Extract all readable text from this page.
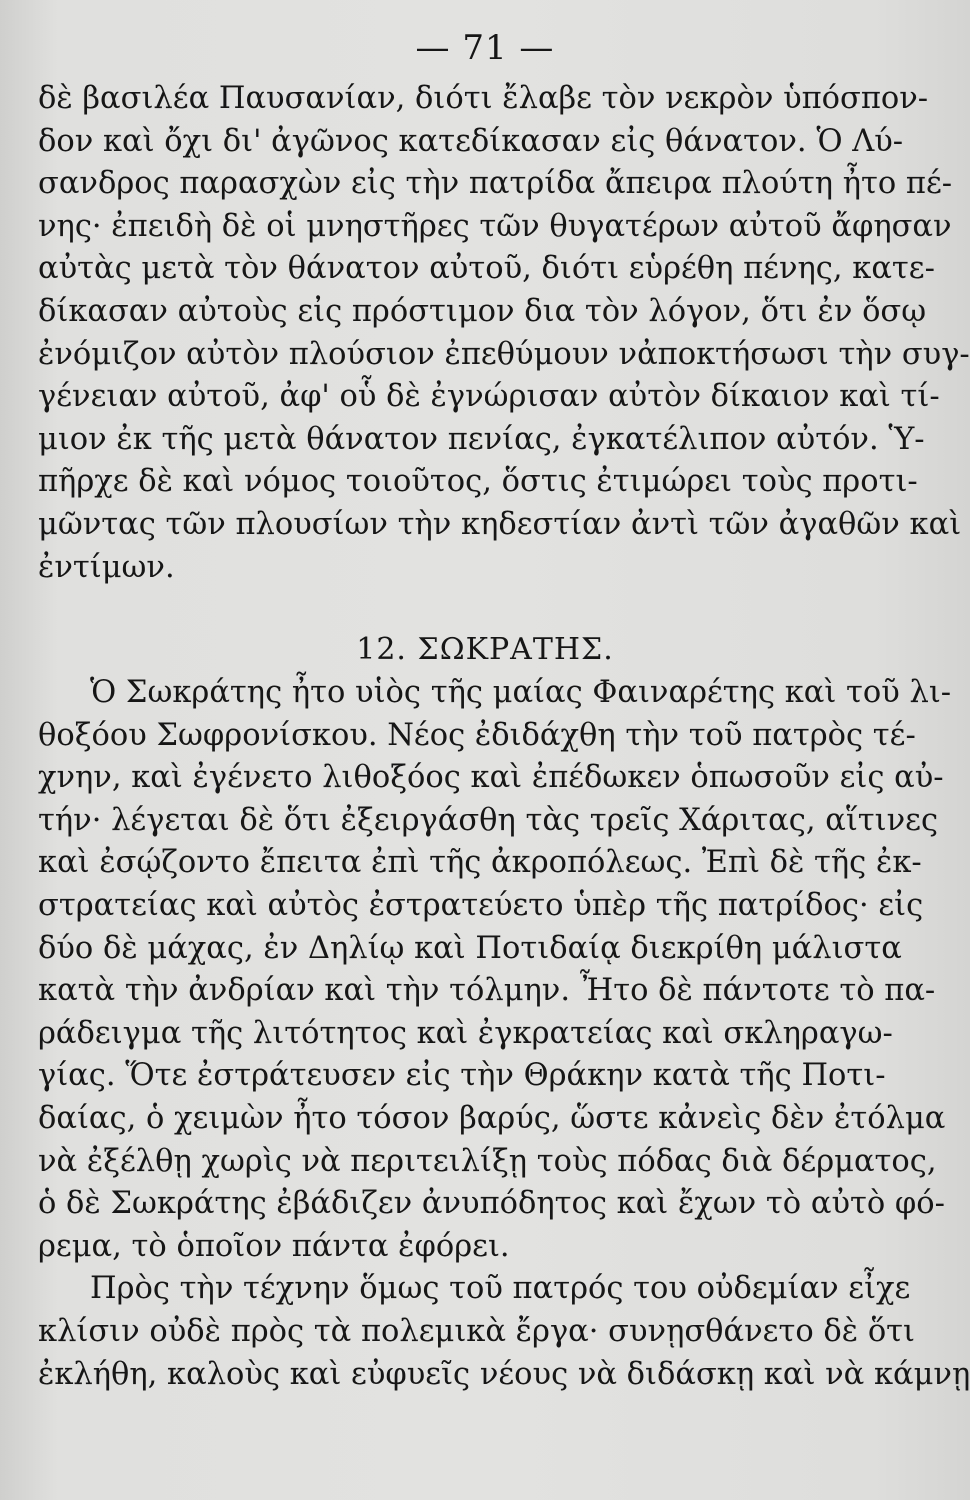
— 71 —
δὲ βασιλέα Παυσανίαν, διότι ἔλαβε τὸν νεκρὸν ὑπόσπον-
δον καὶ ὄχι δι' ἀγῶνος κατεδίκασαν εἰς θάνατον. Ὁ Λύ-
σανδρος παρασχὼν εἰς τὴν πατρίδα ἄπειρα πλούτη ἦτο πέ-
νης· ἐπειδὴ δὲ οἱ μνηστῆρες τῶν θυγατέρων αὐτοῦ ἄφησαν
αὐτὰς μετὰ τὸν θάνατον αὐτοῦ, διότι εὑρέθη πένης, κατε-
δίκασαν αὐτοὺς εἰς πρόστιμον δια τὸν λόγον, ὅτι ἐν ὅσῳ
ἐνόμιζον αὐτὸν πλούσιον ἐπεθύμουν νἀποκτήσωσι τὴν συγ-
γένειαν αὐτοῦ, ἀφ' οὗ δὲ ἐγνώρισαν αὐτὸν δίκαιον καὶ τί-
μιον ἐκ τῆς μετὰ θάνατον πενίας, ἐγκατέλιπον αὐτόν. Ὑ-
πῆρχε δὲ καὶ νόμος τοιοῦτος, ὅστις ἐτιμώρει τοὺς προτι-
μῶντας τῶν πλουσίων τὴν κηδεστίαν ἀντὶ τῶν ἀγαθῶν καὶ
ἐντίμων.
12. ΣΩΚΡΑΤΗΣ.
Ὁ Σωκράτης ἦτο υἱὸς τῆς μαίας Φαιναρέτης καὶ τοῦ λι-
θοξόου Σωφρονίσκου. Νέος ἐδιδάχθη τὴν τοῦ πατρὸς τέ-
χνην, καὶ ἐγένετο λιθοξόος καὶ ἐπέδωκεν ὁπωσοῦν εἰς αὐ-
τήν· λέγεται δὲ ὅτι ἐξειργάσθη τὰς τρεῖς Χάριτας, αἵτινες
καὶ ἐσῴζοντο ἔπειτα ἐπὶ τῆς ἀκροπόλεως. Ἐπὶ δὲ τῆς ἐκ-
στρατείας καὶ αὐτὸς ἐστρατεύετο ὑπὲρ τῆς πατρίδος· εἰς
δύο δὲ μάχας, ἐν Δηλίῳ καὶ Ποτιδαίᾳ διεκρίθη μάλιστα
κατὰ τὴν ἀνδρίαν καὶ τὴν τόλμην. Ἦτο δὲ πάντοτε τὸ πα-
ράδειγμα τῆς λιτότητος καὶ ἐγκρατείας καὶ σκληραγω-
γίας. Ὅτε ἐστράτευσεν εἰς τὴν Θράκην κατὰ τῆς Ποτι-
δαίας, ὁ χειμὼν ἦτο τόσον βαρύς, ὥστε κἀνεὶς δὲν ἐτόλμα
νὰ ἐξέλθῃ χωρὶς νὰ περιτειλίξῃ τοὺς πόδας διὰ δέρματος,
ὁ δὲ Σωκράτης ἐβάδιζεν ἀνυπόδητος καὶ ἔχων τὸ αὐτὸ φό-
ρεμα, τὸ ὁποῖον πάντα ἐφόρει.
Πρὸς τὴν τέχνην ὅμως τοῦ πατρός του οὐδεμίαν εἶχε
κλίσιν οὐδὲ πρὸς τὰ πολεμικὰ ἔργα· συνῃσθάνετο δὲ ὅτι
ἐκλήθη, καλοὺς καὶ εὐφυεῖς νέους νὰ διδάσκῃ καὶ νὰ κάμνῃ
